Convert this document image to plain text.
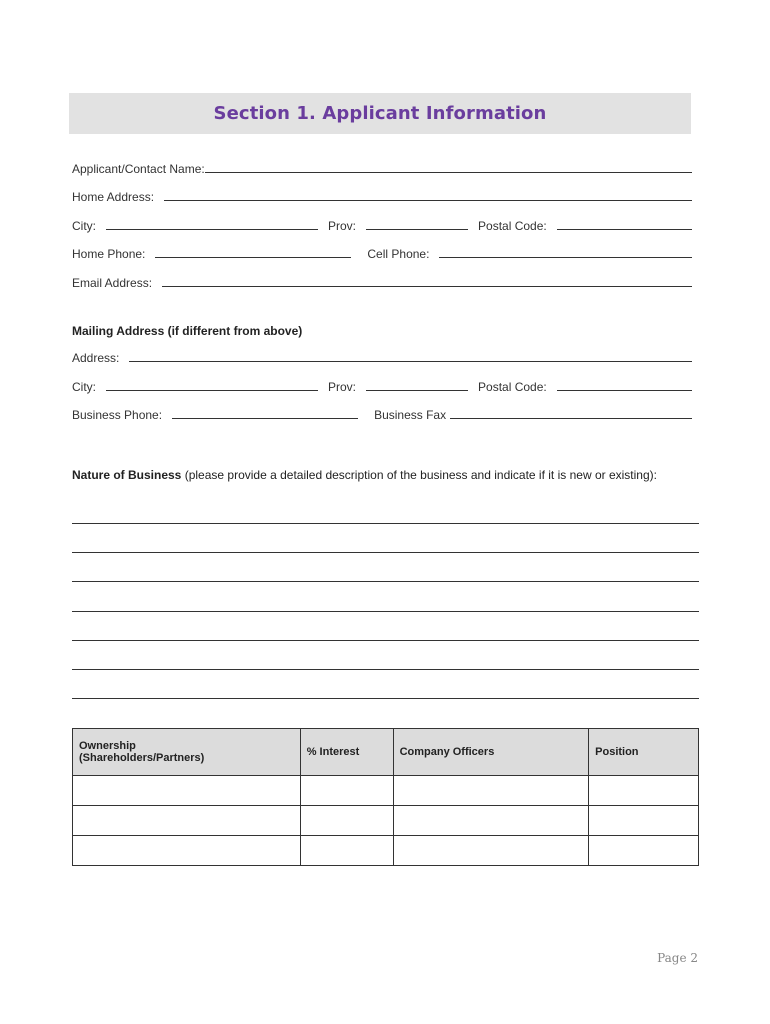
Section 1. Applicant Information
Applicant/Contact Name:
Home Address:
City:	Prov:	Postal Code:
Home Phone:	Cell Phone:
Email Address:
Mailing Address (if different from above)
Address:
City:	Prov:	Postal Code:
Business Phone:	Business Fax
Nature of Business (please provide a detailed description of the business and indicate if it is new or existing):
Ownership
(Shareholders/Partners)	% Interest	Company Officers	Position

Page 2
